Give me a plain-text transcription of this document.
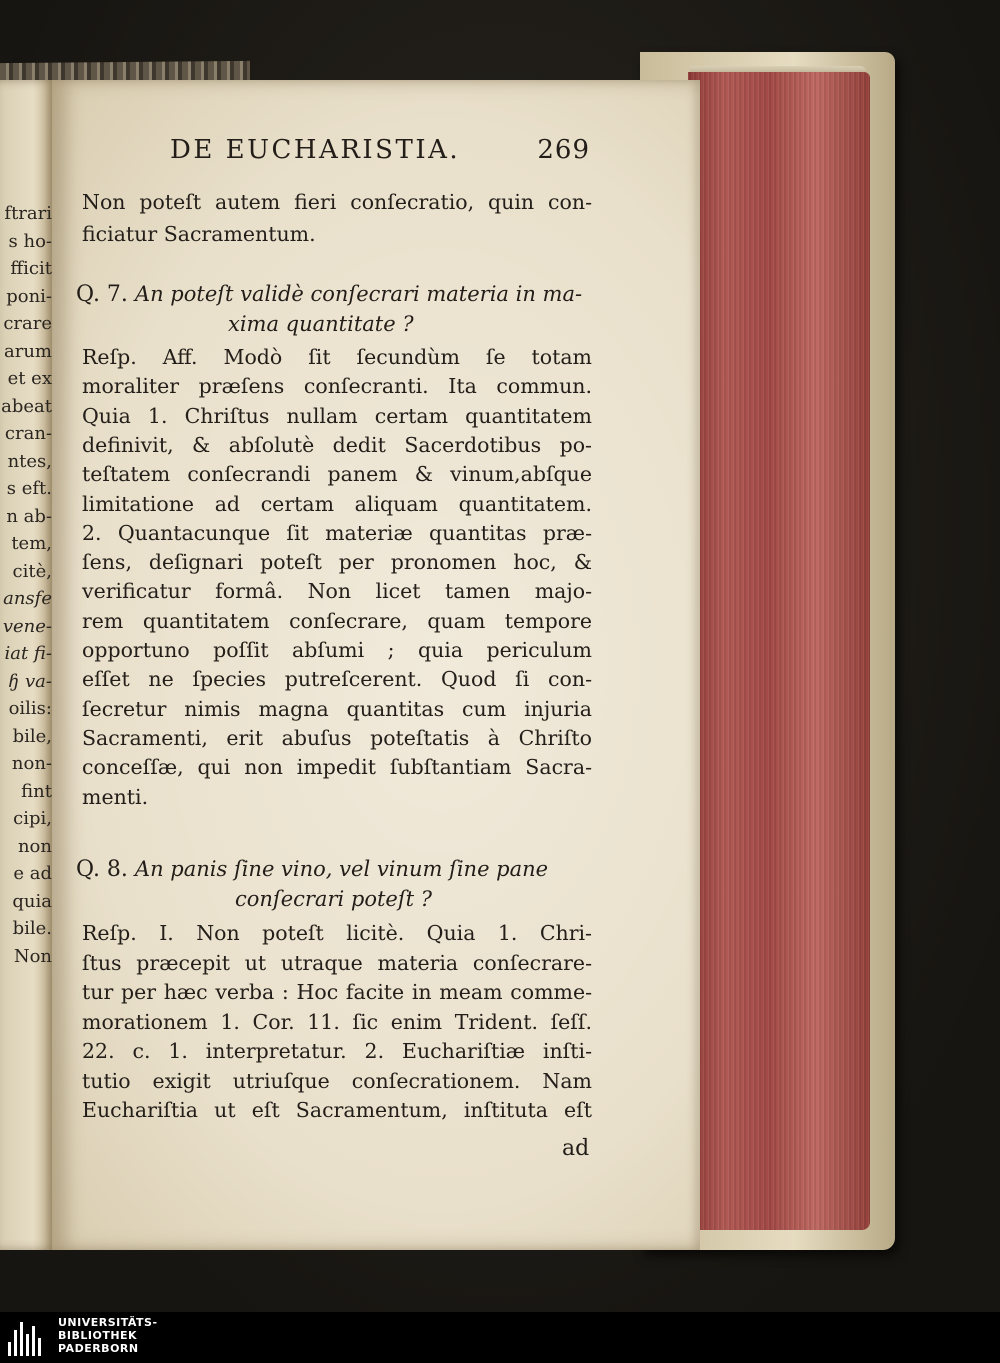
ftrari
s ho-
fficit
poni-
crare
arum
et ex
abeat
cran-
ntes,
s eft.
n ab-
tem,
citè,
ansfe
vene-
iat fi-
ɧ va-
oilis:
bile,
non-
fint
cipi,
non
e ad
quia
bile.
Non
DE EUCHARISTIA.	269
Non poteſt autem fieri conſecratio, quin con-
ficiatur Sacramentum.
Q. 7. An poteſt validè conſecrari materia in ma-
xima quantitate ?
Reſp. Aff. Modò ſit ſecundùm ſe totam
moraliter præſens conſecranti. Ita commun.
Quia 1. Chriſtus nullam certam quantitatem
definivit, & abſolutè dedit Sacerdotibus po-
teſtatem conſecrandi panem & vinum,abſque
limitatione ad certam aliquam quantitatem.
2. Quantacunque ſit materiæ quantitas præ-
ſens, deſignari poteſt per pronomen hoc, &
verificatur formâ. Non licet tamen majo-
rem quantitatem conſecrare, quam tempore
opportuno poſſit abſumi ; quia periculum
eſſet ne ſpecies putreſcerent. Quod ſi con-
ſecretur nimis magna quantitas cum injuria
Sacramenti, erit abuſus poteſtatis à Chriſto
conceſſæ, qui non impedit ſubſtantiam Sacra-
menti.
Q. 8. An panis ſine vino, vel vinum ſine pane
conſecrari poteſt ?
Reſp. I. Non poteſt licitè. Quia 1. Chri-
ſtus præcepit ut utraque materia conſecrare-
tur per hæc verba : Hoc facite in meam comme-
morationem 1. Cor. 11. ſic enim Trident. ſeſſ.
22. c. 1. interpretatur. 2. Euchariſtiæ inſti-
tutio exigit utriuſque conſecrationem. Nam
Euchariſtia ut eſt Sacramentum, inſtituta eſt
ad
UNIVERSITÄTS-
BIBLIOTHEK
PADERBORN
